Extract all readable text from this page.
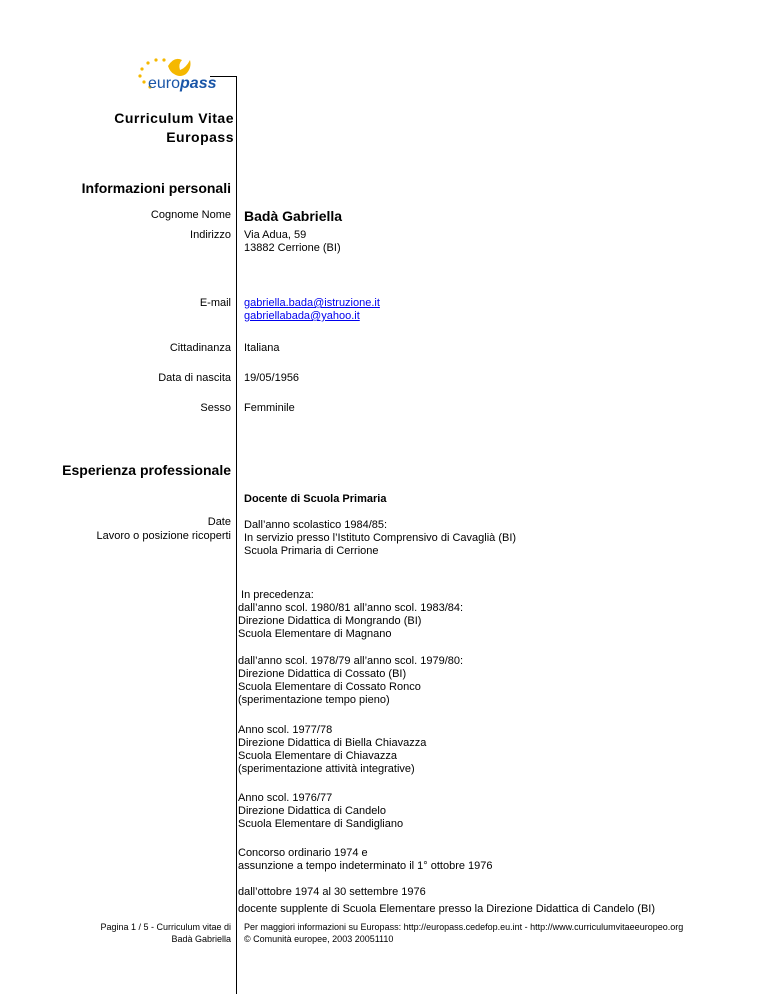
europass
Curriculum Vitae
Europass
Informazioni personali
Cognome Nome Badà Gabriella
Indirizzo Via Adua, 59
13882 Cerrione (BI)
E-mail gabriella.bada@istruzione.it
gabriellabada@yahoo.it
Cittadinanza Italiana
Data di nascita 19/05/1956
Sesso Femminile
Esperienza professionale
Docente di Scuola Primaria
Date
Lavoro o posizione ricoperti
Dall’anno scolastico 1984/85:
In servizio presso l’Istituto Comprensivo di Cavaglià (BI)
Scuola Primaria di Cerrione
In precedenza:
dall’anno scol. 1980/81 all’anno scol. 1983/84:
Direzione Didattica di Mongrando (BI)
Scuola Elementare di Magnano
dall’anno scol. 1978/79 all’anno scol. 1979/80:
Direzione Didattica di Cossato (BI)
Scuola Elementare di Cossato Ronco
(sperimentazione tempo pieno)
Anno scol. 1977/78
Direzione Didattica di Biella Chiavazza
Scuola Elementare di Chiavazza
(sperimentazione attività integrative)
Anno scol. 1976/77
Direzione Didattica di Candelo
Scuola Elementare di Sandigliano
Concorso ordinario 1974 e
assunzione a tempo indeterminato il 1° ottobre 1976
dall’ottobre 1974 al 30 settembre 1976
docente supplente di Scuola Elementare presso la Direzione Didattica di Candelo (BI)
Pagina 1 / 5 - Curriculum vitae di
Badà Gabriella
Per maggiori informazioni su Europass: http://europass.cedefop.eu.int - http://www.curriculumvitaeeuropeo.org
© Comunità europee, 2003 20051110
